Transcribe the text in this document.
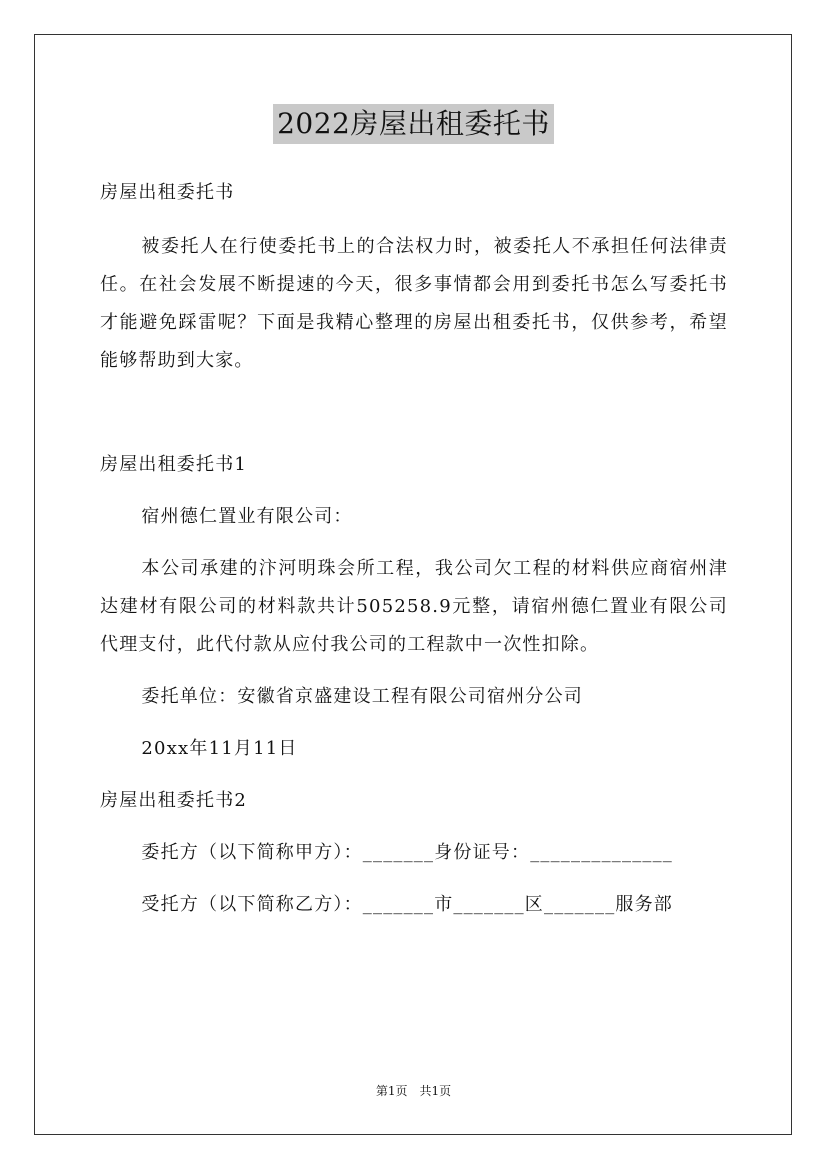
2022房屋出租委托书

房屋出租委托书

被委托人在行使委托书上的合法权力时，被委托人不承担任何法律责任。在社会发展不断提速的今天，很多事情都会用到委托书怎么写委托书才能避免踩雷呢？下面是我精心整理的房屋出租委托书，仅供参考，希望能够帮助到大家。

房屋出租委托书1

宿州德仁置业有限公司：

本公司承建的汴河明珠会所工程，我公司欠工程的材料供应商宿州津达建材有限公司的材料款共计505258.9元整，请宿州德仁置业有限公司代理支付，此代付款从应付我公司的工程款中一次性扣除。

委托单位：安徽省京盛建设工程有限公司宿州分公司

20xx年11月11日

房屋出租委托书2

委托方（以下简称甲方）：_______身份证号：______________

受托方（以下简称乙方）：_______市_______区_______服务部

第1页　共1页
